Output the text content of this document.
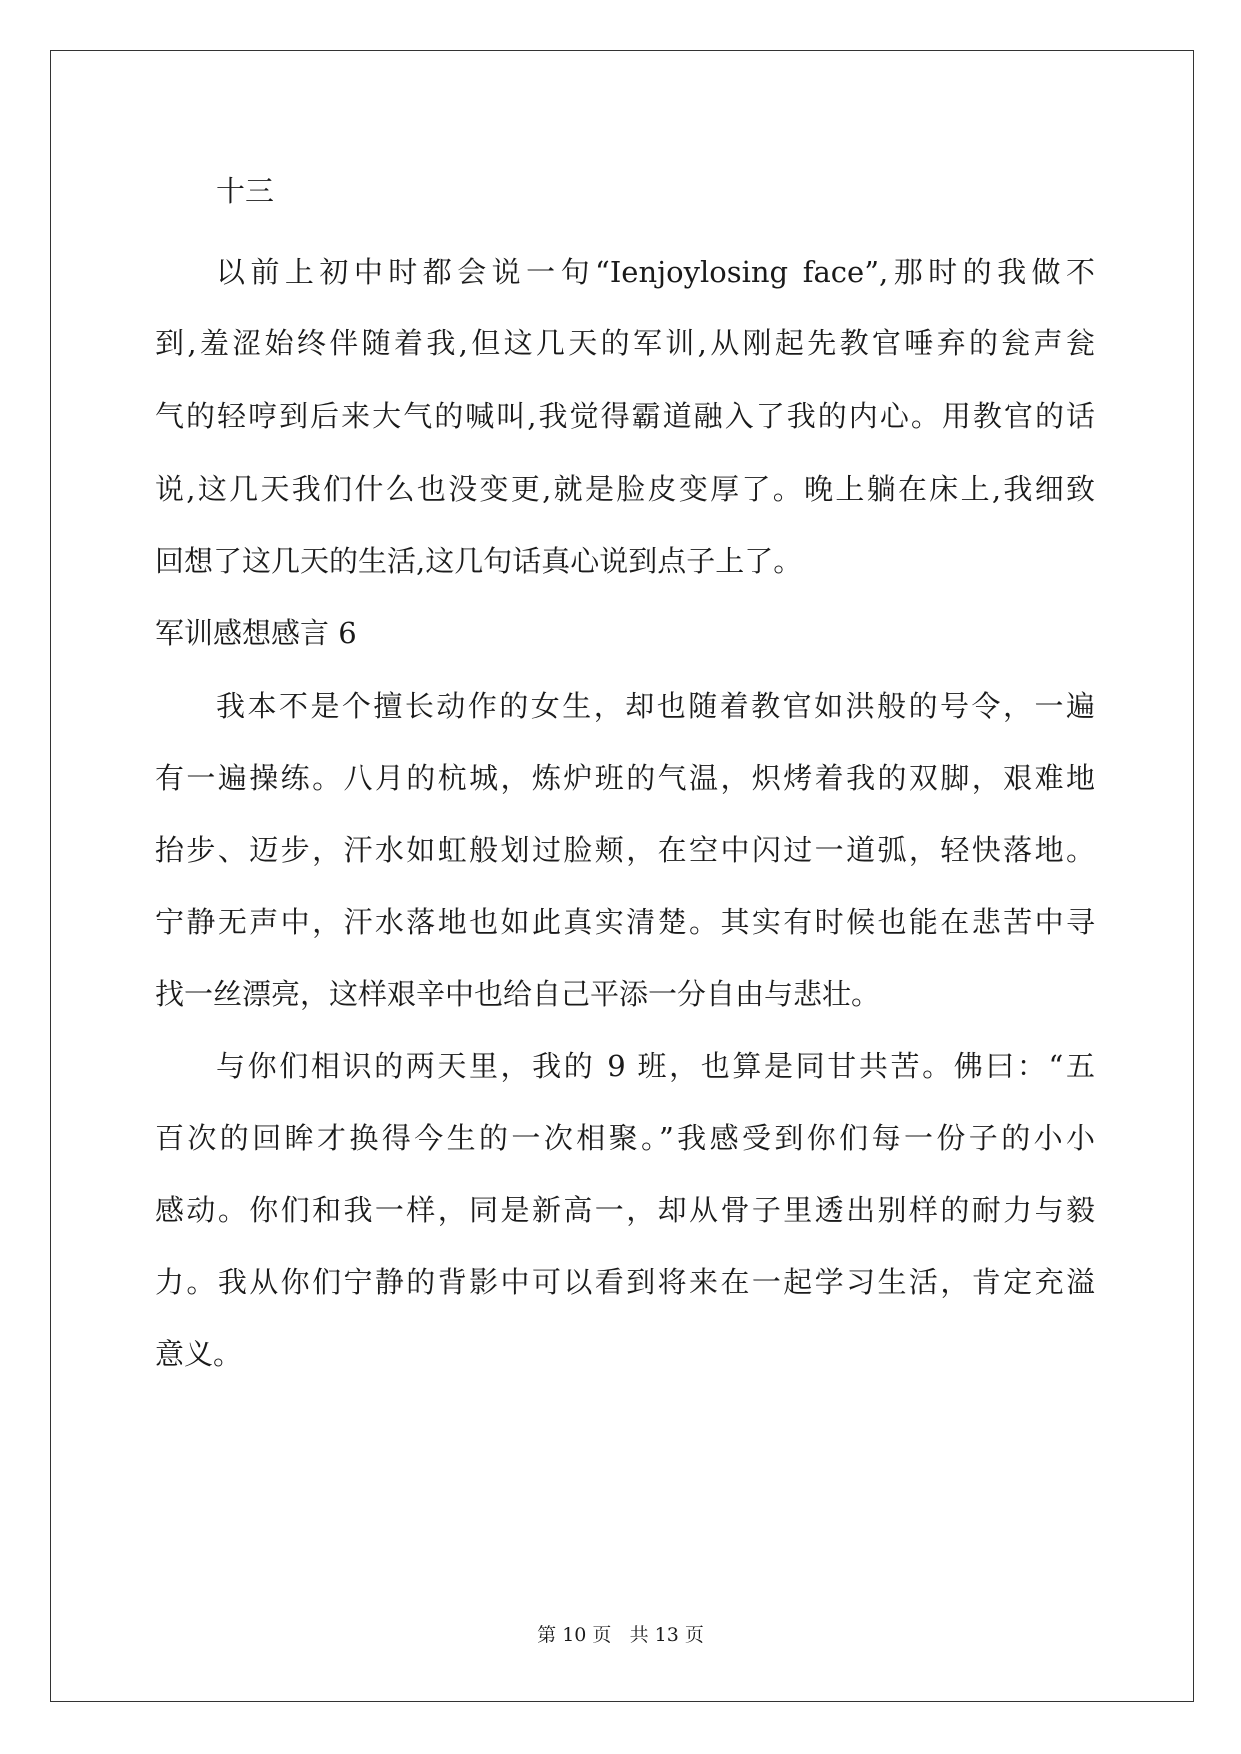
十三
以前上初中时都会说一句“Ienjoylosing face”,那时的我做不
到,羞涩始终伴随着我,但这几天的军训,从刚起先教官唾弃的瓮声瓮
气的轻哼到后来大气的喊叫,我觉得霸道融入了我的内心。用教官的话
说,这几天我们什么也没变更,就是脸皮变厚了。晚上躺在床上,我细致
回想了这几天的生活,这几句话真心说到点子上了。
军训感想感言 6
我本不是个擅长动作的女生，却也随着教官如洪般的号令，一遍
有一遍操练。八月的杭城，炼炉班的气温，炽烤着我的双脚，艰难地
抬步、迈步，汗水如虹般划过脸颊，在空中闪过一道弧，轻快落地。
宁静无声中，汗水落地也如此真实清楚。其实有时候也能在悲苦中寻
找一丝漂亮，这样艰辛中也给自己平添一分自由与悲壮。
与你们相识的两天里，我的 9 班，也算是同甘共苦。佛曰：“五
百次的回眸才换得今生的一次相聚。”我感受到你们每一份子的小小
感动。你们和我一样，同是新高一，却从骨子里透出别样的耐力与毅
力。我从你们宁静的背影中可以看到将来在一起学习生活，肯定充溢
意义。
第 10 页 共 13 页
